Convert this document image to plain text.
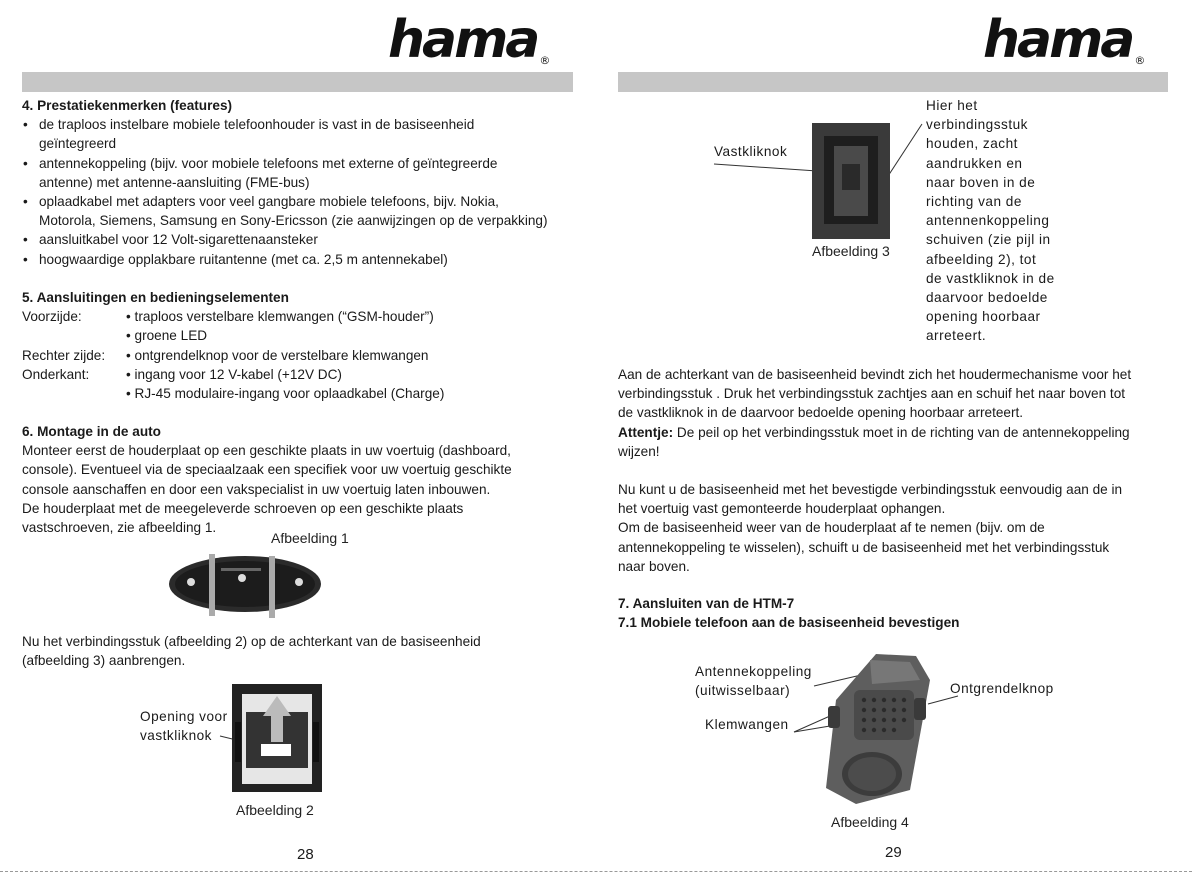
hama ®
4. Prestatiekenmerken (features)
• de traploos instelbare mobiele telefoonhouder is vast in de basiseenheid
geïntegreerd
• antennekoppeling (bijv. voor mobiele telefoons met externe of geïntegreerde
antenne) met antenne-aansluiting (FME-bus)
• oplaadkabel met adapters voor veel gangbare mobiele telefoons, bijv. Nokia,
Motorola, Siemens, Samsung en Sony-Ericsson (zie aanwijzingen op de verpakking)
• aansluitkabel voor 12 Volt-sigarettenaansteker
• hoogwaardige opplakbare ruitantenne (met ca. 2,5 m antennekabel)
5. Aansluitingen en bedieningselementen
Voorzijde:	• traploos verstelbare klemwangen (“GSM-houder”)
• groene LED
Rechter zijde:	• ontgrendelknop voor de verstelbare klemwangen
Onderkant:	• ingang voor 12 V-kabel (+12V DC)
• RJ-45 modulaire-ingang voor oplaadkabel (Charge)
6. Montage in de auto
Monteer eerst de houderplaat op een geschikte plaats in uw voertuig (dashboard,
console). Eventueel via de speciaalzaak een specifiek voor uw voertuig geschikte
console aanschaffen en door een vakspecialist in uw voertuig laten inbouwen.
De houderplaat met de meegeleverde schroeven op een geschikte plaats
vastschroeven, zie afbeelding 1.
Afbeelding 1
Nu het verbindingsstuk (afbeelding 2) op de achterkant van de basiseenheid
(afbeelding 3) aanbrengen.
Opening voor
vastkliknok
Afbeelding 2
28
hama ®
Vastkliknok
Afbeelding 3
Hier het
verbindingsstuk
houden, zacht
aandrukken en
naar boven in de
richting van de
antennenkoppeling
schuiven (zie pijl in
afbeelding 2), tot
de vastkliknok in de
daarvoor bedoelde
opening hoorbaar
arreteert.
Aan de achterkant van de basiseenheid bevindt zich het houdermechanisme voor het
verbindingsstuk . Druk het verbindingsstuk zachtjes aan en schuif het naar boven tot
de vastkliknok in de daarvoor bedoelde opening hoorbaar arreteert.
Attentje: De peil op het verbindingsstuk moet in de richting van de antennekoppeling
wijzen!
Nu kunt u de basiseenheid met het bevestigde verbindingsstuk eenvoudig aan de in
het voertuig vast gemonteerde houderplaat ophangen.
Om de basiseenheid weer van de houderplaat af te nemen (bijv. om de
antennekoppeling te wisselen), schuift u de basiseenheid met het verbindingsstuk
naar boven.
7. Aansluiten van de HTM-7
7.1 Mobiele telefoon aan de basiseenheid bevestigen
Antennekoppeling
(uitwisselbaar)
Klemwangen
Ontgrendelknop
Afbeelding 4
29
